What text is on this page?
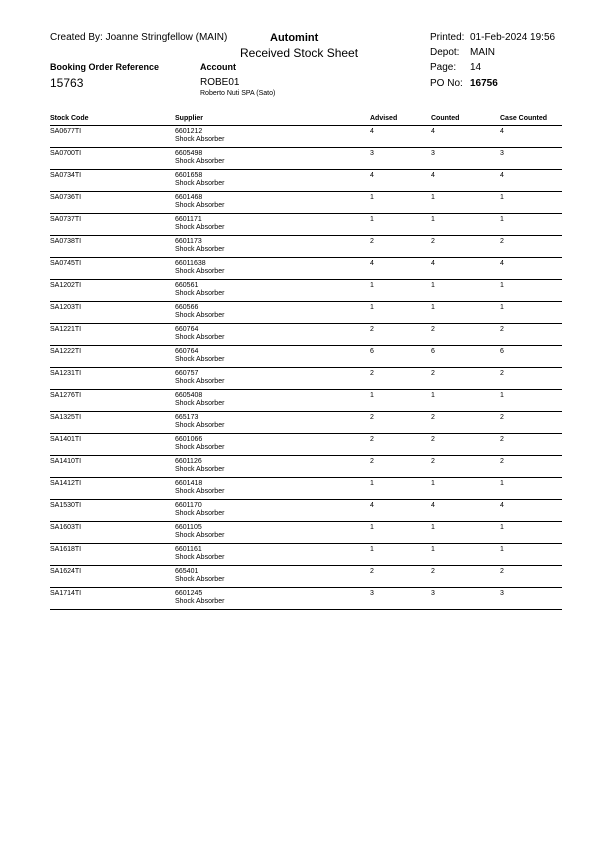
Created By: Joanne Stringfellow (MAIN)	Automint
Received Stock Sheet
Printed: 01-Feb-2024 19:56
Depot: MAIN
Page: 14
PO No: 16756
Booking Order Reference
15763
Account
ROBE01
Roberto Nuti SPA (Sato)
Stock Code	Supplier	Advised	Counted	Case Counted
SA0677TI	6601212	4	4	4
Shock Absorber
SA0700TI	6605498	3	3	3
Shock Absorber
SA0734TI	6601658	4	4	4
Shock Absorber
SA0736TI	6601468	1	1	1
Shock Absorber
SA0737TI	6601171	1	1	1
Shock Absorber
SA0738TI	6601173	2	2	2
Shock Absorber
SA0745TI	66011638	4	4	4
Shock Absorber
SA1202TI	660561	1	1	1
Shock Absorber
SA1203TI	660566	1	1	1
Shock Absorber
SA1221TI	660764	2	2	2
Shock Absorber
SA1222TI	660764	6	6	6
Shock Absorber
SA1231TI	660757	2	2	2
Shock Absorber
SA1276TI	6605408	1	1	1
Shock Absorber
SA1325TI	665173	2	2	2
Shock Absorber
SA1401TI	6601066	2	2	2
Shock Absorber
SA1410TI	6601126	2	2	2
Shock Absorber
SA1412TI	6601418	1	1	1
Shock Absorber
SA1530TI	6601170	4	4	4
Shock Absorber
SA1603TI	6601105	1	1	1
Shock Absorber
SA1618TI	6601161	1	1	1
Shock Absorber
SA1624TI	665401	2	2	2
Shock Absorber
SA1714TI	6601245	3	3	3
Shock Absorber
